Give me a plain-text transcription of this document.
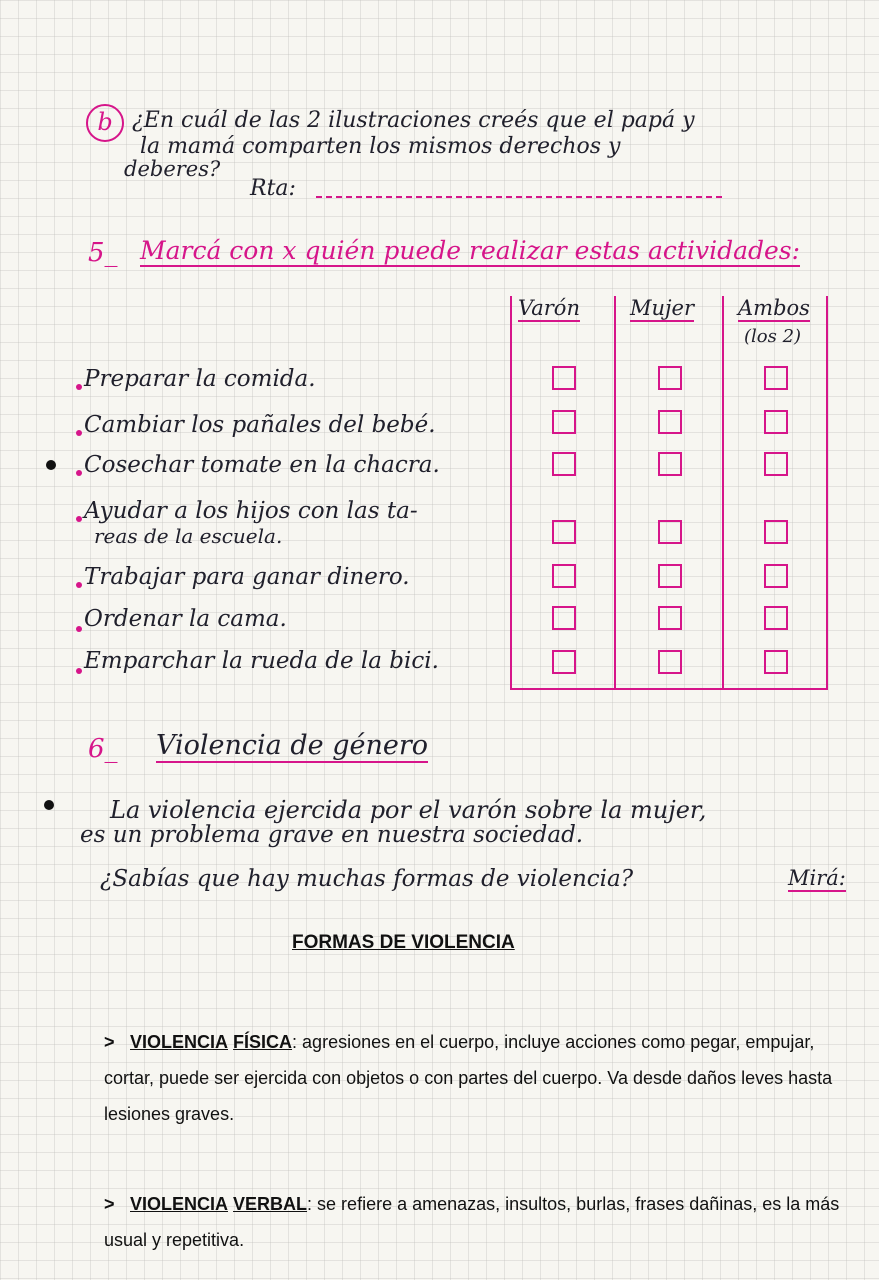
b ¿En cuál de las 2 ilustraciones creés que el papá y
la mamá comparten los mismos derechos y
deberes?
Rta:
5_ Marcá con x quién puede realizar estas actividades:
Varón Mujer Ambos
(los 2)
Preparar la comida.
Cambiar los pañales del bebé.
Cosechar tomate en la chacra.
Ayudar a los hijos con las ta-
reas de la escuela.
Trabajar para ganar dinero.
Ordenar la cama.
Emparchar la rueda de la bici.
6_ Violencia de género
La violencia ejercida por el varón sobre la mujer,
es un problema grave en nuestra sociedad.
¿Sabías que hay muchas formas de violencia?	Mirá:
FORMAS DE VIOLENCIA
> VIOLENCIA FÍSICA: agresiones en el cuerpo, incluye acciones como pegar, empujar, cortar, puede ser ejercida con objetos o con partes del cuerpo. Va desde daños leves hasta lesiones graves.
> VIOLENCIA VERBAL: se refiere a amenazas, insultos, burlas, frases dañinas, es la más usual y repetitiva.
